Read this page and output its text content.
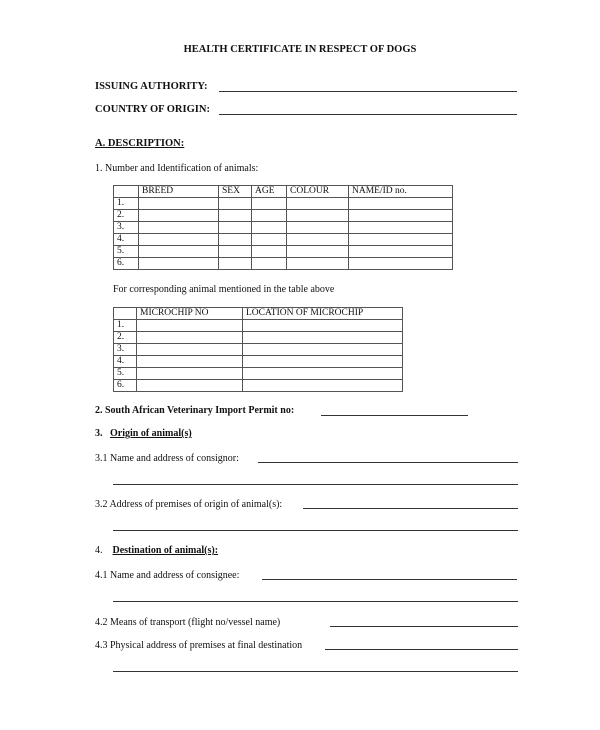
HEALTH CERTIFICATE IN RESPECT OF DOGS
ISSUING AUTHORITY:
COUNTRY OF ORIGIN:
A. DESCRIPTION:
1. Number and Identification of animals:
	BREED	SEX	AGE	COLOUR	NAME/ID no.
1.					
2.					
3.					
4.					
5.					
6.					
For corresponding animal mentioned in the table above
	MICROCHIP NO	LOCATION OF MICROCHIP
1.		
2.		
3.		
4.		
5.		
6.		
2. South African Veterinary Import Permit no:
3. Origin of animal(s)
3.1 Name and address of consignor:
3.2 Address of premises of origin of animal(s):
4. Destination of animal(s):
4.1 Name and address of consignee:
4.2 Means of transport (flight no/vessel name)
4.3 Physical address of premises at final destination
